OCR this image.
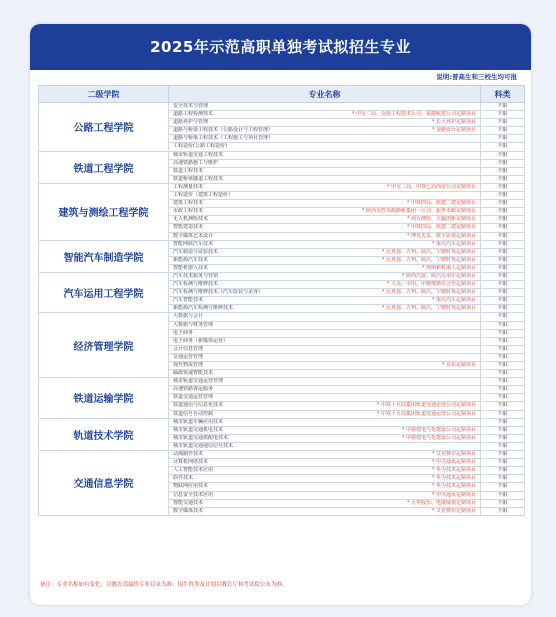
2025年示范高职单独考试拟招生专业
说明:普高生和三校生均可报
二级学院	专业名称	科类
公路工程学院	安全技术与管理	不限

	道路工程检测技术 * 中交二局、交投工程技术公司、福建航建公司定制项目	不限

	道路养护与管理 * 长大养护定制项目	不限

	道路与桥梁工程技术（公路设计与工程管理） * 金路设计定制项目	不限

	道路与桥梁工程技术（工程施工与项目管理）	不限

	工程造价(公路工程造价)	不限
铁道工程学院	城市轨道交通工程技术	不限

	高速铁路施工与维护	不限

	铁道工程技术	不限

	铁道桥梁隧道工程技术	不限
建筑与测绘工程学院	工程测量技术 * 中交二局、中铁七局西安公司定制项目	不限

	工程造价（建筑工程造价）	不限

	建筑工程技术 * 中铁四局、陕建二建定制项目	不限

	市政工程技术 * 陕西交控市政路桥集团一公司、振华市政定制项目	不限

	无人机测绘技术 * 南方测绘、大疆创新定制项目	不限

	智能建造技术 * 中铁四局、陕建二建定制项目	不限

	数字媒体艺术设计 * 博光光景、数字影视定制项目	不限
智能汽车制造学院	智能网联汽车技术 * 重庆汽车定制项目	不限

	汽车制造与试验技术 * 比亚迪、吉利、陕汽、宁德时代定制项目	不限

	新能源汽车技术 * 比亚迪、吉利、陕汽、宁德时代定制项目	不限

	智能机器人技术 * 埃斯顿机器人定制项目	不限
汽车运用工程学院	汽车技术服务与营销 * 陕西汽贸、陕汽专用车定制项目	不限

	汽车检测与维修技术 * 大众、丰田、中德奥斯佳合作定制项目	不限

	汽车检测与维修技术（汽车改装与美容） * 比亚迪、吉利、陕汽、宁德时代定制项目	不限

	汽车智能技术 * 重庆汽车定制项目	不限

	新能源汽车检测与维修技术 * 比亚迪、吉利、陕汽、宁德时代定制项目	不限
经济管理学院	大数据与会计	不限

	大数据与财务管理	不限

	电子商务	不限

	电子商务（新媒体运营）	不限

	会计信息管理	不限

	交通运营管理	不限

	现代物流管理 * 京东定制项目	不限

	邮政快递智能技术	不限
铁道运输学院	城市轨道交通运营管理	不限

	高速铁路客运服务	不限

	铁道交通运营管理	不限

	铁道通信与信息化技术 * 中铁十五局集团轨道交通运营公司定制项目	不限

	铁道信号自动控制 * 中铁十五局集团轨道交通运营公司定制项目	不限
轨道技术学院	城市轨道车辆应用技术	不限

	城市轨道交通机电技术 * 中铁建电气化建设公司定制项目	不限

	城市轨道交通供配电技术 * 中铁建电气化建设公司定制项目	不限

	城市轨道交通通信信号技术	不限
交通信息学院	动漫制作技术 * 艾克赛尔定制项目	不限

	计算机网络技术 * 中兴通讯定制项目	不限

	人工智能技术应用 * 华为技术定制项目	不限

	软件技术 * 华为技术定制项目	不限

	物联网应用技术 * 华为技术定制项目	不限

	信息安全技术应用 * 中兴通讯定制项目	不限

	智能交通技术 * 大华股份、电康威视定制项目	不限

	数字媒体技术 * 艾克赛尔定制项目	不限
备注：专业名称如有变化，以教育部最终专业目录为准；招生科类及计划以教育厅和考试院公布为准。
